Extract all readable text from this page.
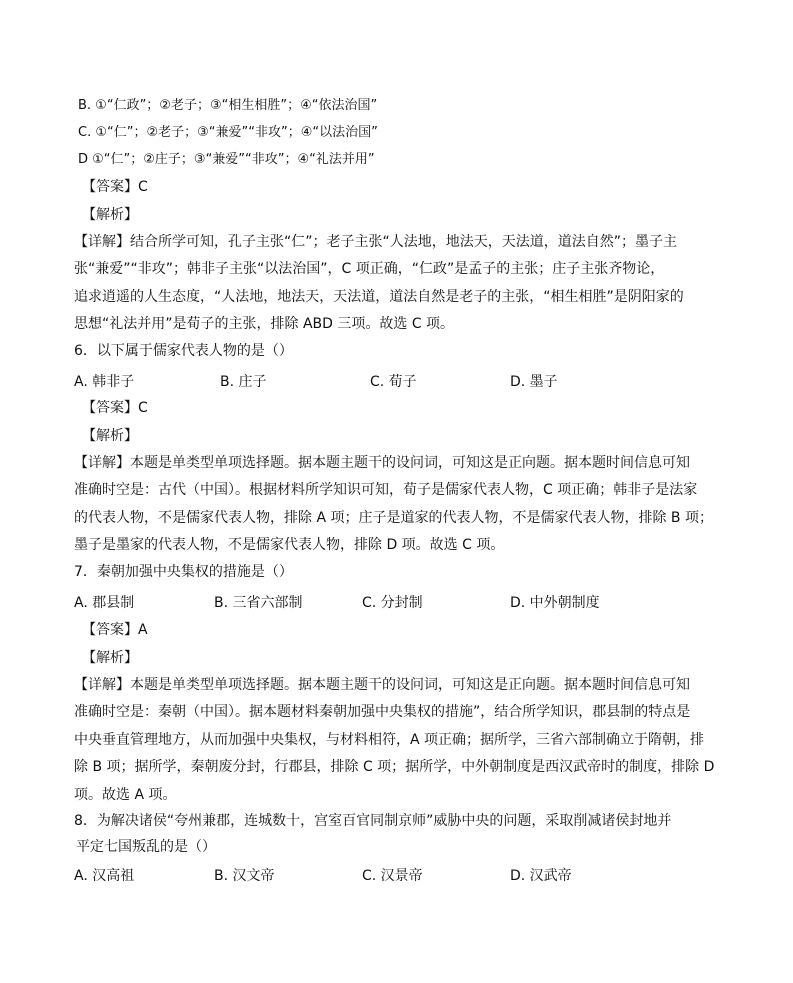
B. ①“仁政”；②老子；③“相生相胜”；④“依法治国”
C. ①“仁”；②老子；③“兼爱”“非攻”；④“以法治国”
D ①“仁”；②庄子；③“兼爱”“非攻”；④“礼法并用”
【答案】C
【解析】
【详解】结合所学可知，孔子主张“仁”；老子主张“人法地，地法天，天法道，道法自然”；墨子主
张“兼爱”“非攻”；韩非子主张“以法治国”，C 项正确，“仁政”是孟子的主张；庄子主张齐物论，
追求逍遥的人生态度，“人法地，地法天，天法道，道法自然是老子的主张，“相生相胜”是阴阳家的
思想“礼法并用”是荀子的主张，排除 ABD 三项。故选 C 项。
6．以下属于儒家代表人物的是（）
A. 韩非子	B. 庄子	C. 荀子	D. 墨子
【答案】C
【解析】
【详解】本题是单类型单项选择题。据本题主题干的设问词，可知这是正向题。据本题时间信息可知
准确时空是：古代（中国）。根据材料所学知识可知，荀子是儒家代表人物，C 项正确；韩非子是法家
的代表人物，不是儒家代表人物，排除 A 项；庄子是道家的代表人物，不是儒家代表人物，排除 B 项；
墨子是墨家的代表人物，不是儒家代表人物，排除 D 项。故选 C 项。
7．秦朝加强中央集权的措施是（）
A. 郡县制	B. 三省六部制	C. 分封制	D. 中外朝制度
【答案】A
【解析】
【详解】本题是单类型单项选择题。据本题主题干的设问词，可知这是正向题。据本题时间信息可知
准确时空是：秦朝（中国）。据本题材料秦朝加强中央集权的措施”，结合所学知识，郡县制的特点是
中央垂直管理地方，从而加强中央集权，与材料相符，A 项正确；据所学，三省六部制确立于隋朝，排
除 B 项；据所学，秦朝废分封，行郡县，排除 C 项；据所学，中外朝制度是西汉武帝时的制度，排除 D
项。故选 A 项。
8．为解决诸侯“夸州兼郡，连城数十，宫室百官同制京师”威胁中央的问题，采取削减诸侯封地并
平定七国叛乱的是（）
A. 汉高祖	B. 汉文帝	C. 汉景帝	D. 汉武帝
